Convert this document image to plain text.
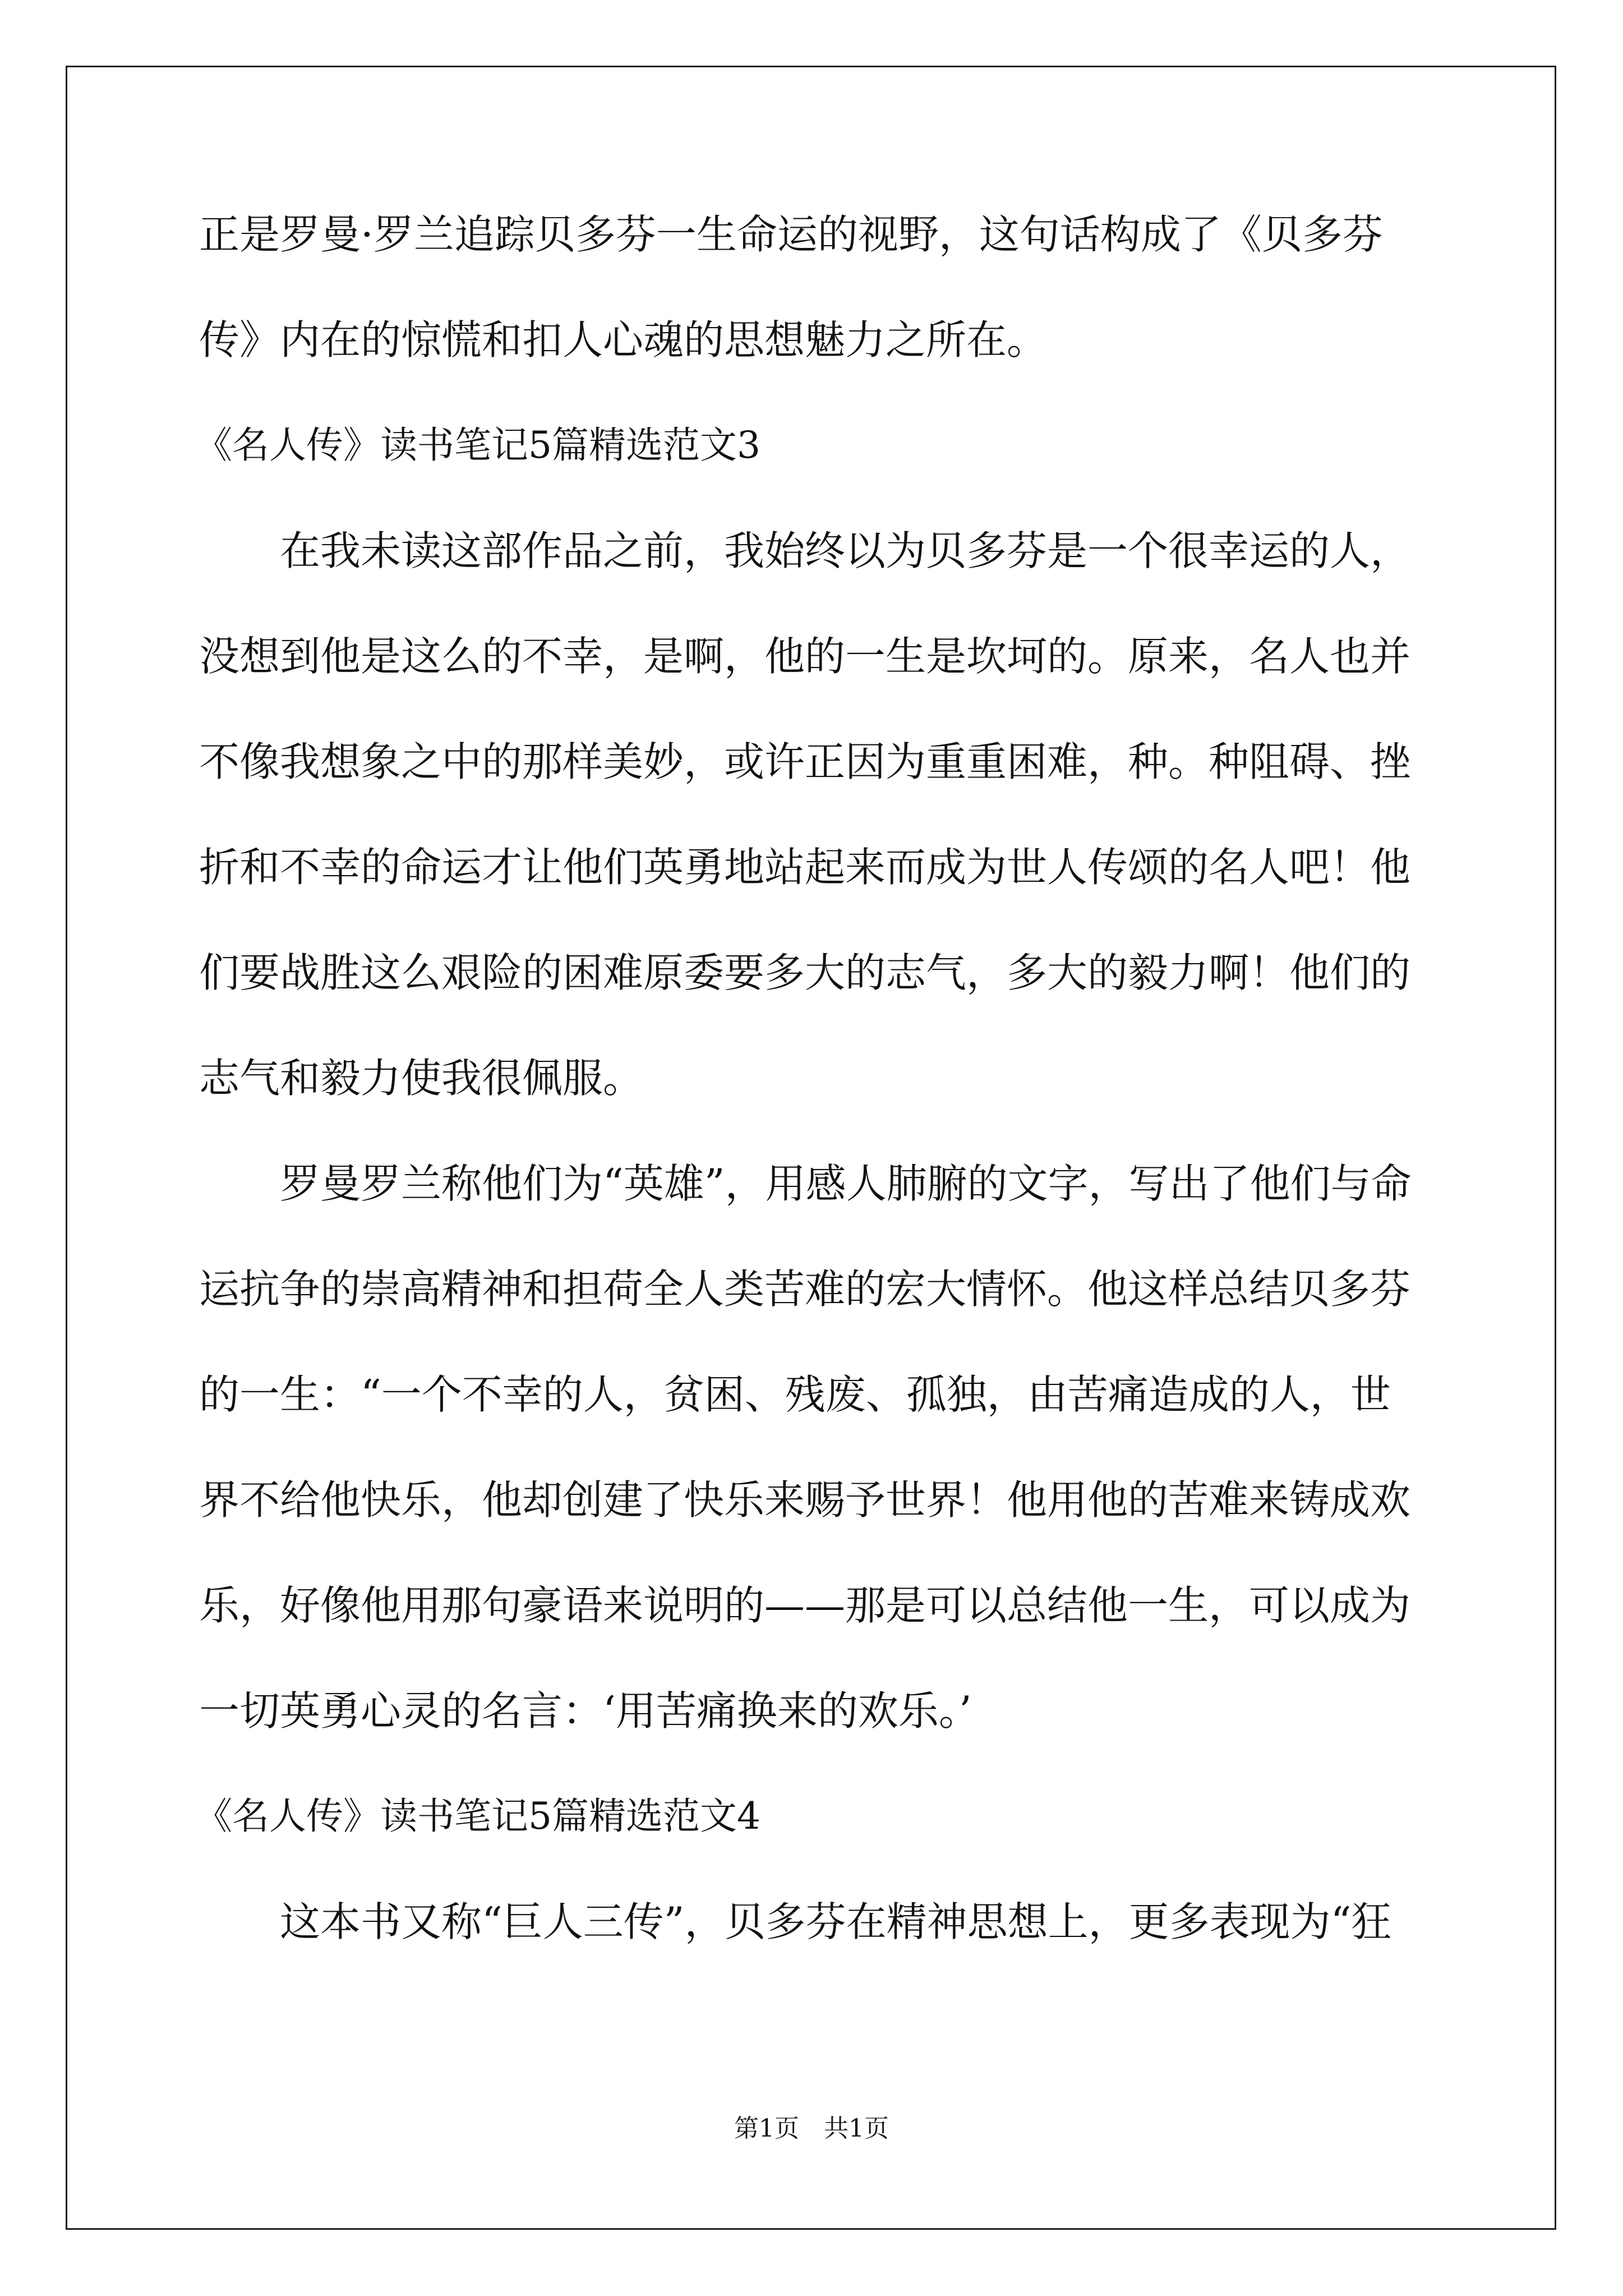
正是罗曼·罗兰追踪贝多芬一生命运的视野，这句话构成了《贝多芬
传》内在的惊慌和扣人心魂的思想魅力之所在。
《名人传》读书笔记5篇精选范文3
在我未读这部作品之前，我始终以为贝多芬是一个很幸运的人，
没想到他是这么的不幸，是啊，他的一生是坎坷的。原来，名人也并
不像我想象之中的那样美妙，或许正因为重重困难，种。种阻碍、挫
折和不幸的命运才让他们英勇地站起来而成为世人传颂的名人吧！他
们要战胜这么艰险的困难原委要多大的志气，多大的毅力啊！他们的
志气和毅力使我很佩服。
罗曼罗兰称他们为“英雄”，用感人肺腑的文字，写出了他们与命
运抗争的崇高精神和担荷全人类苦难的宏大情怀。他这样总结贝多芬
的一生：“一个不幸的人，贫困、残废、孤独，由苦痛造成的人，世
界不给他快乐，他却创建了快乐来赐予世界！他用他的苦难来铸成欢
乐，好像他用那句豪语来说明的——那是可以总结他一生，可以成为
一切英勇心灵的名言：‘用苦痛换来的欢乐。’
《名人传》读书笔记5篇精选范文4
这本书又称“巨人三传”，贝多芬在精神思想上，更多表现为“狂
第1页　共1页
